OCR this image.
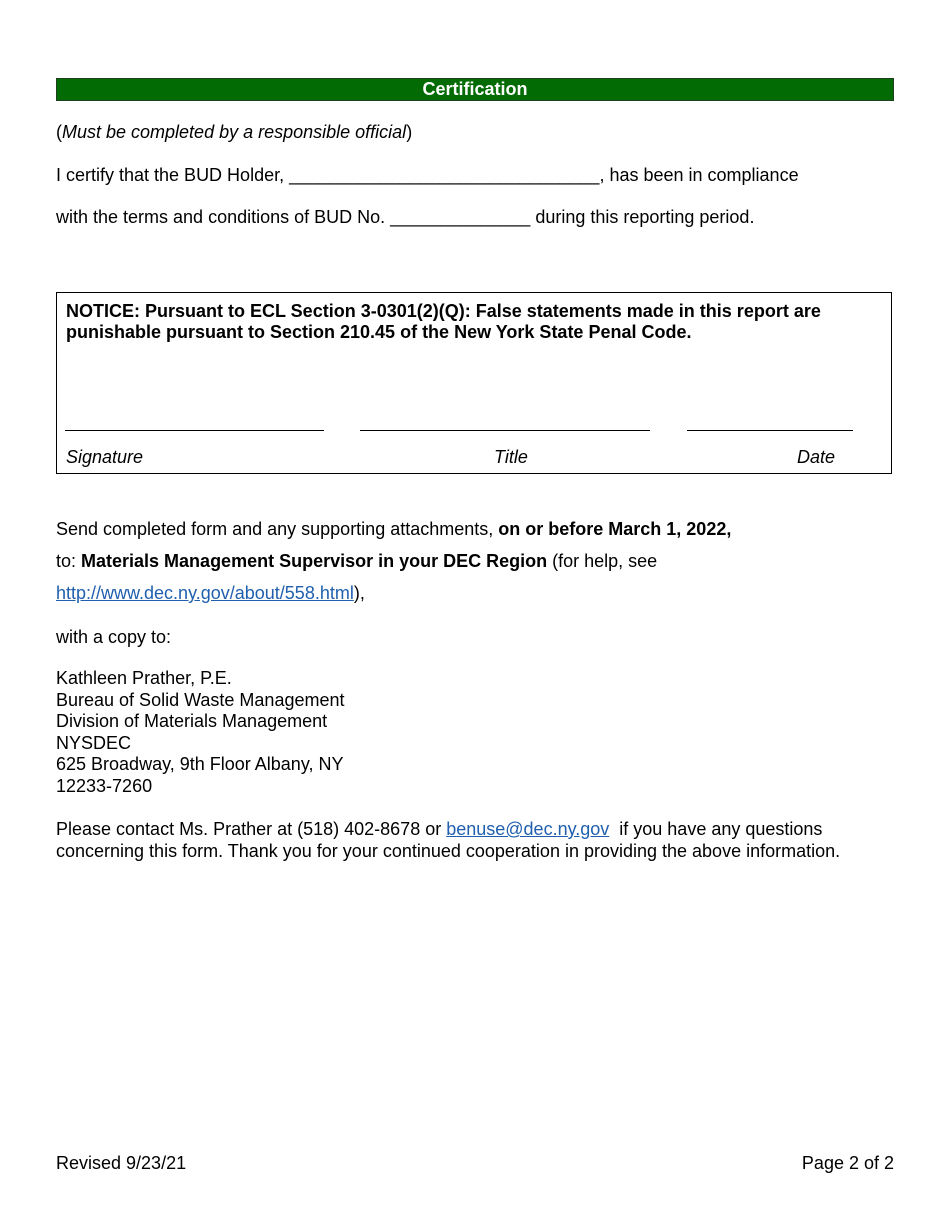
Certification
(Must be completed by a responsible official)
I certify that the BUD Holder, _______________________________, has been in compliance
with the terms and conditions of BUD No. ______________ during this reporting period.
NOTICE: Pursuant to ECL Section 3-0301(2)(Q): False statements made in this report are punishable pursuant to Section 210.45 of the New York State Penal Code.
Signature	Title	Date
Send completed form and any supporting attachments, on or before March 1, 2022,
to: Materials Management Supervisor in your DEC Region (for help, see
http://www.dec.ny.gov/about/558.html),
with a copy to:
Kathleen Prather, P.E.
Bureau of Solid Waste Management
Division of Materials Management
NYSDEC
625 Broadway, 9th Floor Albany, NY
12233-7260
Please contact Ms. Prather at (518) 402-8678 or benuse@dec.ny.gov  if you have any questions
concerning this form. Thank you for your continued cooperation in providing the above information.
Revised 9/23/21	Page 2 of 2
